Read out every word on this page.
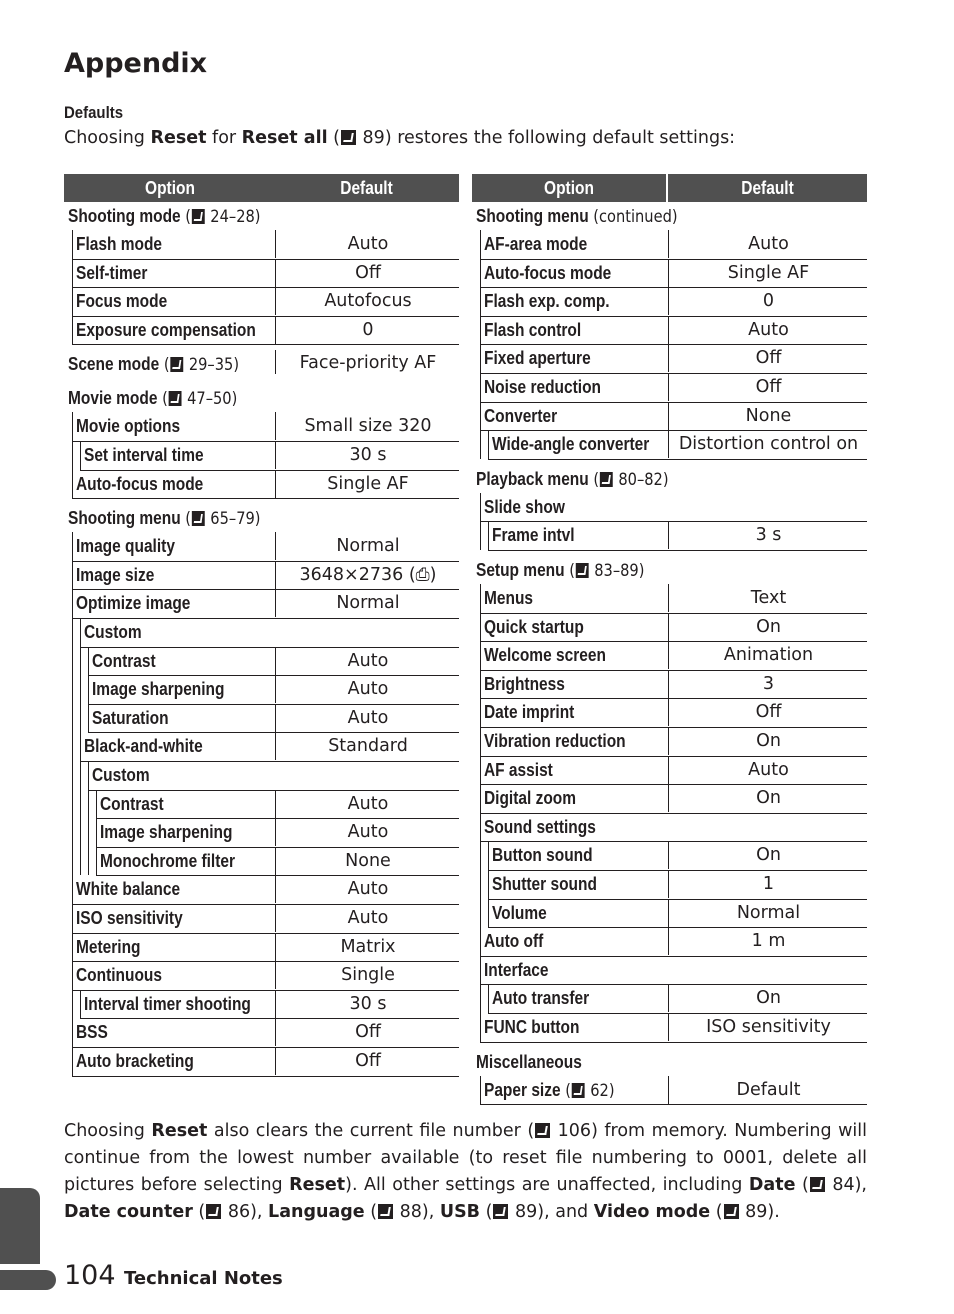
Appendix
Defaults
Choosing Reset for Reset all ( 89) restores the following default settings:
Option	Default
Shooting mode ( 24–28)
Flash mode	Auto
Self-timer	Off
Focus mode	Autofocus
Exposure compensation	0
Scene mode ( 29–35)	Face-priority AF
Movie mode ( 47–50)
Movie options	Small size 320
Set interval time	30 s
Auto-focus mode	Single AF
Shooting menu ( 65–79)
Image quality	Normal
Image size	3648×2736 (⎙)
Optimize image	Normal
Custom
Contrast	Auto
Image sharpening	Auto
Saturation	Auto
Black-and-white	Standard
Custom
Contrast	Auto
Image sharpening	Auto
Monochrome filter	None
White balance	Auto
ISO sensitivity	Auto
Metering	Matrix
Continuous	Single
Interval timer shooting	30 s
BSS	Off
Auto bracketing	Off
Option	Default
Shooting menu (continued)
AF-area mode	Auto
Auto-focus mode	Single AF
Flash exp. comp.	0
Flash control	Auto
Fixed aperture	Off
Noise reduction	Off
Converter	None
Wide-angle converter	Distortion control on
Playback menu ( 80–82)
Slide show
Frame intvl	3 s
Setup menu ( 83–89)
Menus	Text
Quick startup	On
Welcome screen	Animation
Brightness	3
Date imprint	Off
Vibration reduction	On
AF assist	Auto
Digital zoom	On
Sound settings
Button sound	On
Shutter sound	1
Volume	Normal
Auto off	1 m
Interface
Auto transfer	On
FUNC button	ISO sensitivity
Miscellaneous
Paper size ( 62)	Default
Choosing Reset also clears the current file number ( 106) from memory. Numbering will continue from the lowest number available (to reset file numbering to 0001, delete all pictures before selecting Reset). All other settings are unaffected, including Date ( 84), Date counter ( 86), Language ( 88), USB ( 89), and Video mode ( 89).
104 Technical Notes
